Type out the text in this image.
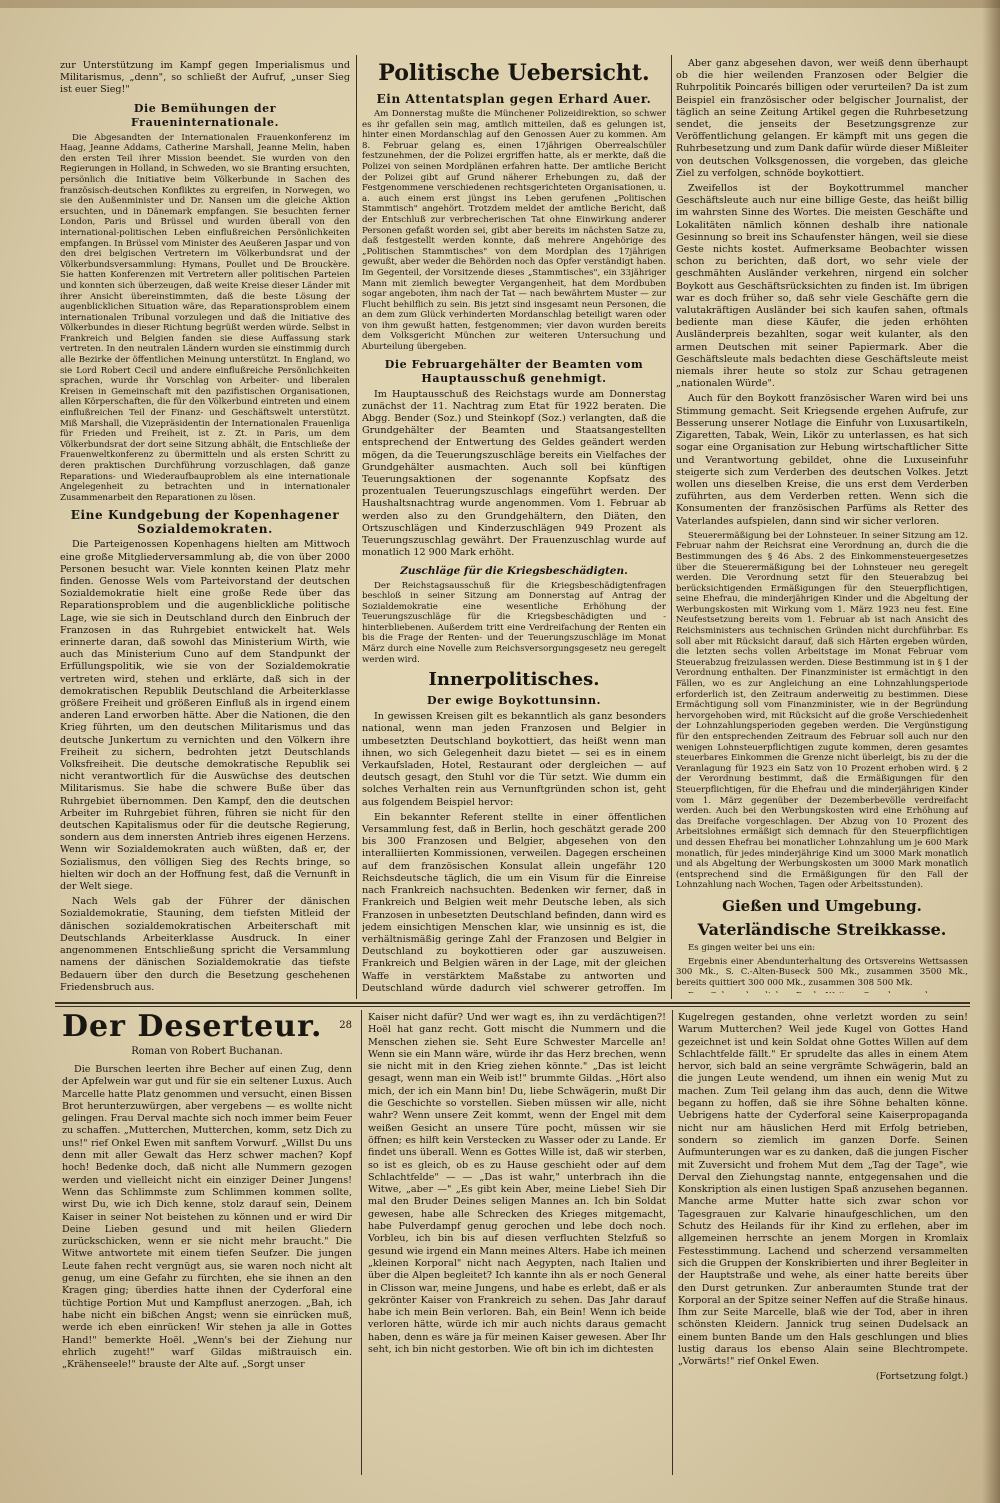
zur Unterstützung im Kampf gegen Imperialismus und Militarismus, „denn", so schließt der Aufruf, „unser Sieg ist euer Sieg!"

Die Bemühungen der Fraueninternationale.

Die Abgesandten der Internationalen Frauenkonferenz im Haag, Jeanne Addams, Catherine Marshall, Jeanne Melin, haben den ersten Teil ihrer Mission beendet. Sie wurden von den Regierungen in Holland, in Schweden, wo sie Branting ersuchten, persönlich die Initiative beim Völkerbunde in Sachen des französisch-deutschen Konfliktes zu ergreifen, in Norwegen, wo sie den Außenminister und Dr. Nansen um die gleiche Aktion ersuchten, und in Dänemark empfangen. Sie besuchten ferner London, Paris und Brüssel und wurden überall von den international-politischen Leben einflußreichen Persönlichkeiten empfangen. In Brüssel vom Minister des Aeußeren Jaspar und von den drei belgischen Vertretern im Völkerbundsrat und der Völkerbundsversammlung: Hymans, Poullet und De Brouckère. Sie hatten Konferenzen mit Vertretern aller politischen Parteien und konnten sich überzeugen, daß weite Kreise dieser Länder mit ihrer Ansicht übereinstimmten, daß die beste Lösung der augenblicklichen Situation wäre, das Reparationsproblem einem internationalen Tribunal vorzulegen und daß die Initiative des Völkerbundes in dieser Richtung begrüßt werden würde. Selbst in Frankreich und Belgien fanden sie diese Auffassung stark vertreten. In den neutralen Ländern wurden sie einstimmig durch alle Bezirke der öffentlichen Meinung unterstützt. In England, wo sie Lord Robert Cecil und andere einflußreiche Persönlichkeiten sprachen, wurde ihr Vorschlag von Arbeiter- und liberalen Kreisen in Gemeinschaft mit den pazifistischen Organisationen, allen Körperschaften, die für den Völkerbund eintreten und einem einflußreichen Teil der Finanz- und Geschäftswelt unterstützt. Miß Marshall, die Vizepräsidentin der Internationalen Frauenliga für Frieden und Freiheit, ist z. Zt. in Paris, um dem Völkerbundsrat der dort seine Sitzung abhält, die Entschließe der Frauenweltkonferenz zu übermitteln und als ersten Schritt zu deren praktischen Durchführung vorzuschlagen, daß ganze Reparations- und Wiederaufbauproblem als eine internationale Angelegenheit zu betrachten und in internationaler Zusammenarbeit den Reparationen zu lösen.

Eine Kundgebung der Kopenhagener Sozialdemokraten.

Die Parteigenossen Kopenhagens hielten am Mittwoch eine große Mitgliederversammlung ab, die von über 2000 Personen besucht war. Viele konnten keinen Platz mehr finden. Genosse Wels vom Parteivorstand der deutschen Sozialdemokratie hielt eine große Rede über das Reparationsproblem und die augenblickliche politische Lage, wie sie sich in Deutschland durch den Einbruch der Franzosen in das Ruhrgebiet entwickelt hat. Wels erinnerte daran, daß sowohl das Ministerium Wirth, wie auch das Ministerium Cuno auf dem Standpunkt der Erfüllungspolitik, wie sie von der Sozialdemokratie vertreten wird, stehen und erklärte, daß sich in der demokratischen Republik Deutschland die Arbeiterklasse größere Freiheit und größeren Einfluß als in irgend einem anderen Land erworben hätte. Aber die Nationen, die den Krieg führten, um den deutschen Militarismus und das deutsche Junkertum zu vernichten und den Völkern ihre Freiheit zu sichern, bedrohten jetzt Deutschlands Volksfreiheit. Die deutsche demokratische Republik sei nicht verantwortlich für die Auswüchse des deutschen Militarismus. Sie habe die schwere Buße über das Ruhrgebiet übernommen. Den Kampf, den die deutschen Arbeiter im Ruhrgebiet führen, führen sie nicht für den deutschen Kapitalismus oder für die deutsche Regierung, sondern aus dem innersten Antrieb ihres eigenen Herzens. Wenn wir Sozialdemokraten auch wüßten, daß er, der Sozialismus, den völligen Sieg des Rechts bringe, so hielten wir doch an der Hoffnung fest, daß die Vernunft in der Welt siege.

Nach Wels gab der Führer der dänischen Sozialdemokratie, Stauning, dem tiefsten Mitleid der dänischen sozialdemokratischen Arbeiterschaft mit Deutschlands Arbeiterklasse Ausdruck. In einer angenommenen Entschließung spricht die Versammlung namens der dänischen Sozialdemokratie das tiefste Bedauern über den durch die Besetzung geschehenen Friedensbruch aus.

Politische Uebersicht.
Ein Attentatsplan gegen Erhard Auer.

Am Donnerstag mußte die Münchener Polizeidirektion, so schwer es ihr gefallen sein mag, amtlich mitteilen, daß es gelungen ist, hinter einen Mordanschlag auf den Genossen Auer zu kommen. Am 8. Februar gelang es, einen 17jährigen Oberrealschüler festzunehmen, der die Polizei ergriffen hatte, als er merkte, daß die Polizei von seinen Mordplänen erfahren hatte. Der amtliche Bericht der Polizei gibt auf Grund näherer Erhebungen zu, daß der Festgenommene verschiedenen rechtsgerichteten Organisationen, u. a. auch einem erst jüngst ins Leben gerufenen „Politischen Stammtisch" angehört. Trotzdem meldet der amtliche Bericht, daß der Entschluß zur verbrecherischen Tat ohne Einwirkung anderer Personen gefaßt worden sei, gibt aber bereits im nächsten Satze zu, daß festgestellt werden konnte, daß mehrere Angehörige des „Politischen Stammtisches" von dem Mordplan des 17jährigen gewußt, aber weder die Behörden noch das Opfer verständigt haben. Im Gegenteil, der Vorsitzende dieses „Stammtisches", ein 33jähriger Mann mit ziemlich bewegter Vergangenheit, hat dem Mordbuben sogar angeboten, ihm nach der Tat — nach bewährtem Muster — zur Flucht behilflich zu sein. Bis jetzt sind insgesamt neun Personen, die an dem zum Glück verhinderten Mordanschlag beteiligt waren oder von ihm gewußt hatten, festgenommen; vier davon wurden bereits dem Volksgericht München zur weiteren Untersuchung und Aburteilung übergeben.

Die Februargehälter der Beamten vom Hauptausschuß genehmigt.

Im Hauptausschuß des Reichstags wurde am Donnerstag zunächst der 11. Nachtrag zum Etat für 1922 beraten. Die Abgg. Bender (Soz.) und Steinkopf (Soz.) verlangten, daß die Grundgehälter der Beamten und Staatsangestellten entsprechend der Entwertung des Geldes geändert werden mögen, da die Teuerungszuschläge bereits ein Vielfaches der Grundgehälter ausmachten. Auch soll bei künftigen Teuerungsaktionen der sogenannte Kopfsatz des prozentualen Teuerungszuschlags eingeführt werden. Der Haushaltsnachtrag wurde angenommen. Vom 1. Februar ab werden also zu den Grundgehältern, den Diäten, den Ortszuschlägen und Kinderzuschlägen 949 Prozent als Teuerungszuschlag gewährt. Der Frauenzuschlag wurde auf monatlich 12 900 Mark erhöht.

Zuschläge für die Kriegsbeschädigten.

Der Reichstagsausschuß für die Kriegsbeschädigtenfragen beschloß in seiner Sitzung am Donnerstag auf Antrag der Sozialdemokratie eine wesentliche Erhöhung der Teuerungszuschläge für die Kriegsbeschädigten und -hinterbliebenen. Außerdem tritt eine Verdreifachung der Renten ein bis die Frage der Renten- und der Teuerungszuschläge im Monat März durch eine Novelle zum Reichsversorgungsgesetz neu geregelt werden wird.

Innerpolitisches.
Der ewige Boykottunsinn.

In gewissen Kreisen gilt es bekanntlich als ganz besonders national, wenn man jeden Franzosen und Belgier in umbesetzten Deutschland boykottiert, das heißt wenn man ihnen, wo sich Gelegenheit dazu bietet — sei es in einem Verkaufsladen, Hotel, Restaurant oder dergleichen — auf deutsch gesagt, den Stuhl vor die Tür setzt. Wie dumm ein solches Verhalten rein aus Vernunftgründen schon ist, geht aus folgendem Beispiel hervor:

Ein bekannter Referent stellte in einer öffentlichen Versammlung fest, daß in Berlin, hoch geschätzt gerade 200 bis 300 Franzosen und Belgier, abgesehen von den interalliierten Kommissionen, verweilen. Dagegen erscheinen auf dem französischen Konsulat allein ungefähr 120 Reichsdeutsche täglich, die um ein Visum für die Einreise nach Frankreich nachsuchten. Bedenken wir ferner, daß in Frankreich und Belgien weit mehr Deutsche leben, als sich Franzosen in unbesetzten Deutschland befinden, dann wird es jedem einsichtigen Menschen klar, wie unsinnig es ist, die verhältnismäßig geringe Zahl der Franzosen und Belgier in Deutschland zu boykottieren oder gar auszuweisen. Frankreich und Belgien wären in der Lage, mit der gleichen Waffe in verstärktem Maßstabe zu antworten und Deutschland würde dadurch viel schwerer getroffen. Im

Aber ganz abgesehen davon, wer weiß denn überhaupt ob die hier weilenden Franzosen oder Belgier die Ruhrpolitik Poincarés billigen oder verurteilen? Da ist zum Beispiel ein französischer oder belgischer Journalist, der täglich an seine Zeitung Artikel gegen die Ruhrbesetzung sendet, die jenseits der Besetzungsgrenze zur Veröffentlichung gelangen. Er kämpft mit uns gegen die Ruhrbesetzung und zum Dank dafür würde dieser Mißleiter von deutschen Volksgenossen, die vorgeben, das gleiche Ziel zu verfolgen, schnöde boykottiert.

Zweifellos ist der Boykottrummel mancher Geschäftsleute auch nur eine billige Geste, das heißt billig im wahrsten Sinne des Wortes. Die meisten Geschäfte und Lokalitäten nämlich können deshalb ihre nationale Gesinnung so breit ins Schaufenster hängen, weil sie diese Geste nichts kostet. Aufmerksame Beobachter wissen schon zu berichten, daß dort, wo sehr viele der geschmähten Ausländer verkehren, nirgend ein solcher Boykott aus Geschäftsrücksichten zu finden ist. Im übrigen war es doch früher so, daß sehr viele Geschäfte gern die valutakräftigen Ausländer bei sich kaufen sahen, oftmals bediente man diese Käufer, die jeden erhöhten Ausländerpreis bezahlten, sogar weit kulanter, als den armen Deutschen mit seiner Papiermark. Aber die Geschäftsleute mals bedachten diese Geschäftsleute meist niemals ihrer heute so stolz zur Schau getragenen „nationalen Würde".

Auch für den Boykott französischer Waren wird bei uns Stimmung gemacht. Seit Kriegsende ergehen Aufrufe, zur Besserung unserer Notlage die Einfuhr von Luxusartikeln, Zigaretten, Tabak, Wein, Likör zu unterlassen, es hat sich sogar eine Organisation zur Hebung wirtschaftlicher Sitte und Verantwortung gebildet, ohne die Luxuseinfuhr steigerte sich zum Verderben des deutschen Volkes. Jetzt wollen uns dieselben Kreise, die uns erst dem Verderben zuführten, aus dem Verderben retten. Wenn sich die Konsumenten der französischen Parfüms als Retter des Vaterlandes aufspielen, dann sind wir sicher verloren.

Steuerermäßigung bei der Lohnsteuer. In seiner Sitzung am 12. Februar nahm der Reichsrat eine Verordnung an, durch die die Bestimmungen des § 46 Abs. 2 des Einkommensteuergesetzes über die Steuerermäßigung bei der Lohnsteuer neu geregelt werden. Die Verordnung setzt für den Steuerabzug bei berücksichtigenden Ermäßigungen für den Steuerpflichtigen, seine Ehefrau, die minderjährigen Kinder und die Abgeltung der Werbungskosten mit Wirkung vom 1. März 1923 neu fest. Eine Neufestsetzung bereits vom 1. Februar ab ist nach Ansicht des Reichsministers aus technischen Gründen nicht durchführbar. Es soll aber mit Rücksicht darauf, daß sich Härten ergeben würden, die letzten sechs vollen Arbeitstage im Monat Februar vom Steuerabzug freizulassen werden. Diese Bestimmung ist in § 1 der Verordnung enthalten. Der Finanzminister ist ermächtigt in den Fällen, wo es zur Angleichung an eine Lohnzahlungsperiode erforderlich ist, den Zeitraum anderweitig zu bestimmen. Diese Ermächtigung soll vom Finanzminister, wie in der Begründung hervorgehoben wird, mit Rücksicht auf die große Verschiedenheit der Lohnzahlungsperioden gegeben werden. Die Vergünstigung für den entsprechenden Zeitraum des Februar soll auch nur den wenigen Lohnsteuerpflichtigen zugute kommen, deren gesamtes steuerbares Einkommen die Grenze nicht überleigt, bis zu der die Veranlagung für 1923 ein Satz von 10 Prozent erhoben wird. § 2 der Verordnung bestimmt, daß die Ermäßigungen für den Steuerpflichtigen, für die Ehefrau und die minderjährigen Kinder vom 1. März gegenüber der Dezemberbevölle verdreifacht werden. Auch bei den Werbungskosten wird eine Erhöhung auf das Dreifache vorgeschlagen. Der Abzug von 10 Prozent des Arbeitslohnes ermäßigt sich demnach für den Steuerpflichtigen und dessen Ehefrau bei monatlicher Lohnzahlung um je 600 Mark monatlich, für jedes minderjährige Kind um 3000 Mark monatlich und als Abgeltung der Werbungskosten um 3000 Mark monatlich (entsprechend sind die Ermäßigungen für den Fall der Lohnzahlung nach Wochen, Tagen oder Arbeitsstunden).

Gießen und Umgebung.
Vaterländische Streikkasse.

Es gingen weiter bei uns ein:

Ergebnis einer Abendunterhaltung des Ortsvereins Wettsassen 300 Mk., S. C.-Alten-Buseck 500 Mk., zusammen 3500 Mk., bereits quittiert 300 000 Mk., zusammen 308 500 Mk.

Der Deserteur.	28
Roman von Robert Buchanan.

Die Burschen leerten ihre Becher auf einen Zug, denn der Apfelwein war gut und für sie ein seltener Luxus. Auch Marcelle hatte Platz genommen und versucht, einen Bissen Brot herunterzuwürgen, aber vergebens — es wollte nicht gelingen. Frau Derval machte sich noch immer beim Feuer zu schaffen. „Mutterchen, Mutterchen, komm, setz Dich zu uns!" rief Onkel Ewen mit sanftem Vorwurf. „Willst Du uns denn mit aller Gewalt das Herz schwer machen? Kopf hoch! Bedenke doch, daß nicht alle Nummern gezogen werden und vielleicht nicht ein einziger Deiner Jungens! Wenn das Schlimmste zum Schlimmen kommen sollte, wirst Du, wie ich Dich kenne, stolz darauf sein, Deinem Kaiser in seiner Not beistehen zu können und er wird Dir Deine Lieben gesund und mit heilen Gliedern zurückschicken, wenn er sie nicht mehr braucht." Die Witwe antwortete mit einem tiefen Seufzer. Die jungen Leute fahen recht vergnügt aus, sie waren noch nicht alt genug, um eine Gefahr zu fürchten, ehe sie ihnen an den Kragen ging; überdies hatte ihnen der Cyderforal eine tüchtige Portion Mut und Kampflust anerzogen. „Bah, ich habe nicht ein bißchen Angst; wenn sie einrücken muß, werde ich eben einrücken! Wir stehen ja alle in Gottes Hand!" bemerkte Hoël. „Wenn's bei der Ziehung nur ehrlich zugeht!" warf Gildas mißtrauisch ein. „Krähenseele!" brauste der Alte auf. „Sorgt unser

Kaiser nicht dafür? Und wer wagt es, ihn zu verdächtigen?! Hoël hat ganz recht. Gott mischt die Nummern und die Menschen ziehen sie. Seht Eure Schwester Marcelle an! Wenn sie ein Mann wäre, würde ihr das Herz brechen, wenn sie nicht mit in den Krieg ziehen könnte." „Das ist leicht gesagt, wenn man ein Weib ist!" brummte Gildas. „Hört also mich, der ich ein Mann bin! Du, liebe Schwägerin, mußt Dir die Geschichte so vorstellen. Sieben müssen wir alle, nicht wahr? Wenn unsere Zeit kommt, wenn der Engel mit dem weißen Gesicht an unsere Türe pocht, müssen wir sie öffnen; es hilft kein Verstecken zu Wasser oder zu Lande. Er findet uns überall. Wenn es Gottes Wille ist, daß wir sterben, so ist es gleich, ob es zu Hause geschieht oder auf dem Schlachtfelde" — — „Das ist wahr," unterbrach ihn die Witwe, „aber —" „Es gibt kein Aber, meine Liebe! Sieh Dir mal den Bruder Deines seligen Mannes an. Ich bin Soldat gewesen, habe alle Schrecken des Krieges mitgemacht, habe Pulverdampf genug gerochen und lebe doch noch. Vorbleu, ich bin bis auf diesen verfluchten Stelzfuß so gesund wie irgend ein Mann meines Alters. Habe ich meinen „kleinen Korporal" nicht nach Aegypten, nach Italien und über die Alpen begleitet? Ich kannte ihn als er noch General in Clisson war, meine Jungens, und habe es erlebt, daß er als gekrönter Kaiser von Frankreich zu sehen. Das Jahr darauf habe ich mein Bein verloren. Bah, ein Bein! Wenn ich beide verloren hätte, würde ich mir auch nichts daraus gemacht haben, denn es wäre ja für meinen Kaiser gewesen. Aber Ihr seht, ich bin nicht gestorben. Wie oft bin ich im dichtesten

Kugelregen gestanden, ohne verletzt worden zu sein! Warum Mutterchen? Weil jede Kugel von Gottes Hand gezeichnet ist und kein Soldat ohne Gottes Willen auf dem Schlachtfelde fällt." Er sprudelte das alles in einem Atem hervor, sich bald an seine vergrämte Schwägerin, bald an die jungen Leute wendend, um ihnen ein wenig Mut zu machen. Zum Teil gelang ihm das auch, denn die Witwe begann zu hoffen, daß sie ihre Söhne behalten könne. Uebrigens hatte der Cyderforal seine Kaiserpropaganda nicht nur am häuslichen Herd mit Erfolg betrieben, sondern so ziemlich im ganzen Dorfe. Seinen Aufmunterungen war es zu danken, daß die jungen Fischer mit Zuversicht und frohem Mut dem „Tag der Tage", wie Derval den Ziehungstag nannte, entgegensahen und die Konskription als einen lustigen Spaß anzusehen begannen. Manche arme Mutter hatte sich zwar schon vor Tagesgrauen zur Kalvarie hinaufgeschlichen, um den Schutz des Heilands für ihr Kind zu erflehen, aber im allgemeinen herrschte an jenem Morgen in Kromlaix Festesstimmung. Lachend und scherzend versammelten sich die Gruppen der Konskribierten und ihrer Begleiter in der Hauptstraße und wehe, als einer hatte bereits über den Durst getrunken. Zur anberaumten Stunde trat der Korporal an der Spitze seiner Neffen auf die Straße hinaus. Ihm zur Seite Marcelle, blaß wie der Tod, aber in ihren schönsten Kleidern. Jannick trug seinen Dudelsack an einem bunten Bande um den Hals geschlungen und blies lustig daraus los ebenso Alain seine Blechtrompete. „Vorwärts!" rief Onkel Ewen.

(Fortsetzung folgt.)
